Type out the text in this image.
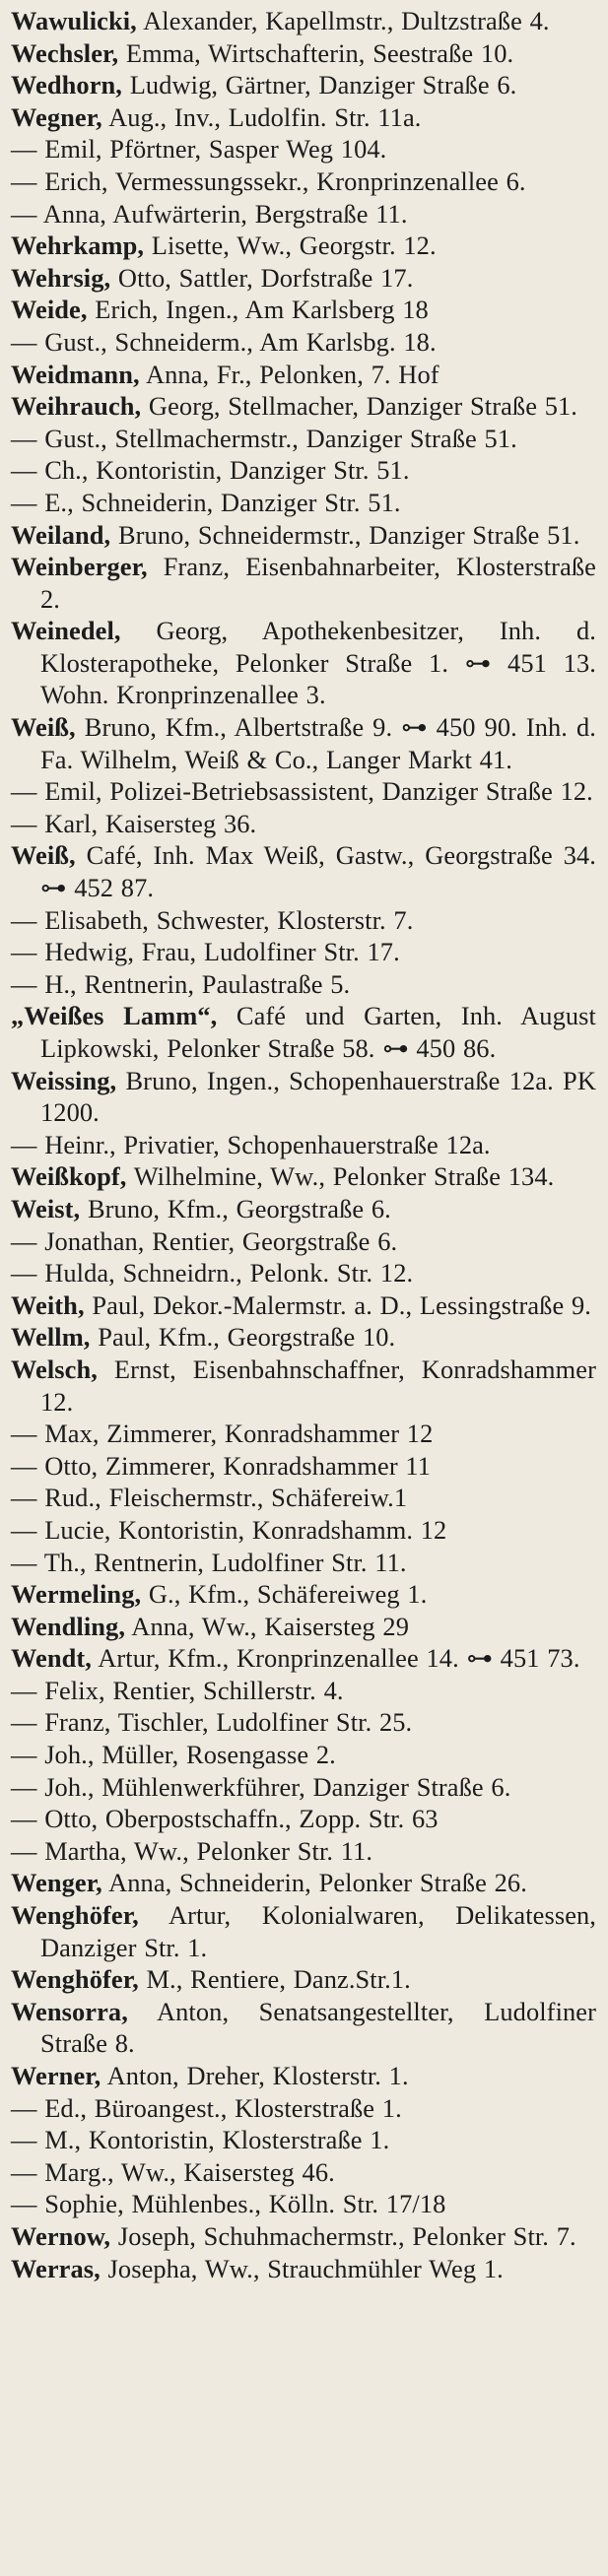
Wawulicki, Alexander, Kapellmstr., Dultzstraße 4.
Wechsler, Emma, Wirtschafterin, Seestraße 10.
Wedhorn, Ludwig, Gärtner, Danziger Straße 6.
Wegner, Aug., Inv., Ludolfin. Str. 11a.
— Emil, Pförtner, Sasper Weg 104.
— Erich, Vermessungssekr., Kronprinzenallee 6.
— Anna, Aufwärterin, Bergstraße 11.
Wehrkamp, Lisette, Ww., Georgstr. 12.
Wehrsig, Otto, Sattler, Dorfstraße 17.
Weide, Erich, Ingen., Am Karlsberg 18
— Gust., Schneiderm., Am Karlsbg. 18.
Weidmann, Anna, Fr., Pelonken, 7. Hof
Weihrauch, Georg, Stellmacher, Danziger Straße 51.
— Gust., Stellmachermstr., Danziger Straße 51.
— Ch., Kontoristin, Danziger Str. 51.
— E., Schneiderin, Danziger Str. 51.
Weiland, Bruno, Schneidermstr., Danziger Straße 51.
Weinberger, Franz, Eisenbahnarbeiter, Klosterstraße 2.
Weinedel, Georg, Apothekenbesitzer, Inh. d. Klosterapotheke, Pelonker Straße 1. ⊶ 451 13. Wohn. Kronprinzenallee 3.
Weiß, Bruno, Kfm., Albertstraße 9. ⊶ 450 90. Inh. d. Fa. Wilhelm, Weiß & Co., Langer Markt 41.
— Emil, Polizei-Betriebsassistent, Danziger Straße 12.
— Karl, Kaisersteg 36.
Weiß, Café, Inh. Max Weiß, Gastw., Georgstraße 34. ⊶ 452 87.
— Elisabeth, Schwester, Klosterstr. 7.
— Hedwig, Frau, Ludolfiner Str. 17.
— H., Rentnerin, Paulastraße 5.
„Weißes Lamm“, Café und Garten, Inh. August Lipkowski, Pelonker Straße 58. ⊶ 450 86.
Weissing, Bruno, Ingen., Schopenhauerstraße 12a. PK 1200.
— Heinr., Privatier, Schopenhauerstraße 12a.
Weißkopf, Wilhelmine, Ww., Pelonker Straße 134.
Weist, Bruno, Kfm., Georgstraße 6.
— Jonathan, Rentier, Georgstraße 6.
— Hulda, Schneidrn., Pelonk. Str. 12.
Weith, Paul, Dekor.-Malermstr. a. D., Lessingstraße 9.
Wellm, Paul, Kfm., Georgstraße 10.
Welsch, Ernst, Eisenbahnschaffner, Konradshammer 12.
— Max, Zimmerer, Konradshammer 12
— Otto, Zimmerer, Konradshammer 11
— Rud., Fleischermstr., Schäfereiw.1
— Lucie, Kontoristin, Konradshamm. 12
— Th., Rentnerin, Ludolfiner Str. 11.
Wermeling, G., Kfm., Schäfereiweg 1.
Wendling, Anna, Ww., Kaisersteg 29
Wendt, Artur, Kfm., Kronprinzenallee 14. ⊶ 451 73.
— Felix, Rentier, Schillerstr. 4.
— Franz, Tischler, Ludolfiner Str. 25.
— Joh., Müller, Rosengasse 2.
— Joh., Mühlenwerkführer, Danziger Straße 6.
— Otto, Oberpostschaffn., Zopp. Str. 63
— Martha, Ww., Pelonker Str. 11.
Wenger, Anna, Schneiderin, Pelonker Straße 26.
Wenghöfer, Artur, Kolonialwaren, Delikatessen, Danziger Str. 1.
Wenghöfer, M., Rentiere, Danz.Str.1.
Wensorra, Anton, Senatsangestellter, Ludolfiner Straße 8.
Werner, Anton, Dreher, Klosterstr. 1.
— Ed., Büroangest., Klosterstraße 1.
— M., Kontoristin, Klosterstraße 1.
— Marg., Ww., Kaisersteg 46.
— Sophie, Mühlenbes., Kölln. Str. 17/18
Wernow, Joseph, Schuhmachermstr., Pelonker Str. 7.
Werras, Josepha, Ww., Strauchmühler Weg 1.
